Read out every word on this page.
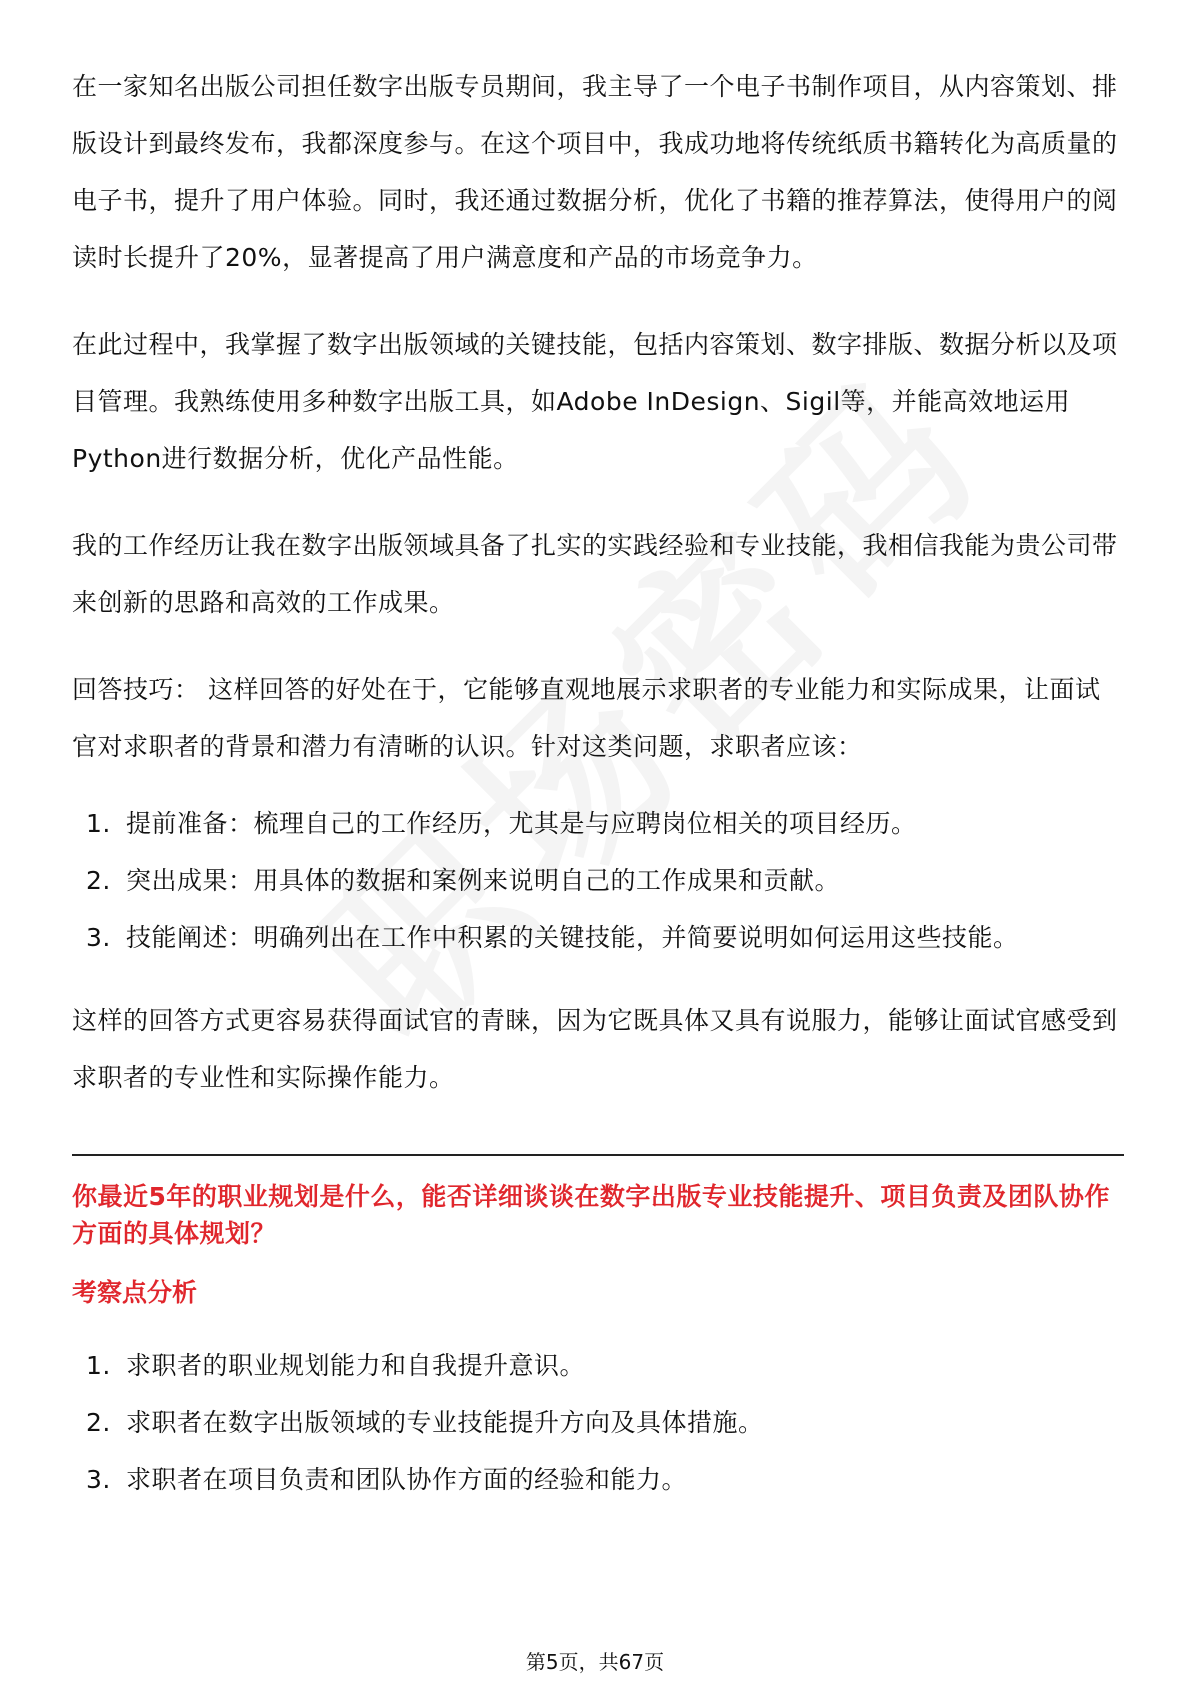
在一家知名出版公司担任数字出版专员期间，我主导了一个电子书制作项目，从内容策划、排版设计到最终发布，我都深度参与。在这个项目中，我成功地将传统纸质书籍转化为高质量的电子书，提升了用户体验。同时，我还通过数据分析，优化了书籍的推荐算法，使得用户的阅读时长提升了20%，显著提高了用户满意度和产品的市场竞争力。

在此过程中，我掌握了数字出版领域的关键技能，包括内容策划、数字排版、数据分析以及项目管理。我熟练使用多种数字出版工具，如Adobe InDesign、Sigil等，并能高效地运用Python进行数据分析，优化产品性能。

我的工作经历让我在数字出版领域具备了扎实的实践经验和专业技能，我相信我能为贵公司带来创新的思路和高效的工作成果。

回答技巧： 这样回答的好处在于，它能够直观地展示求职者的专业能力和实际成果，让面试官对求职者的背景和潜力有清晰的认识。针对这类问题，求职者应该：

1. 提前准备：梳理自己的工作经历，尤其是与应聘岗位相关的项目经历。
2. 突出成果：用具体的数据和案例来说明自己的工作成果和贡献。
3. 技能阐述：明确列出在工作中积累的关键技能，并简要说明如何运用这些技能。

这样的回答方式更容易获得面试官的青睐，因为它既具体又具有说服力，能够让面试官感受到求职者的专业性和实际操作能力。

你最近5年的职业规划是什么，能否详细谈谈在数字出版专业技能提升、项目负责及团队协作方面的具体规划？
考察点分析
1. 求职者的职业规划能力和自我提升意识。
2. 求职者在数字出版领域的专业技能提升方向及具体措施。
3. 求职者在项目负责和团队协作方面的经验和能力。
第5页，共67页
